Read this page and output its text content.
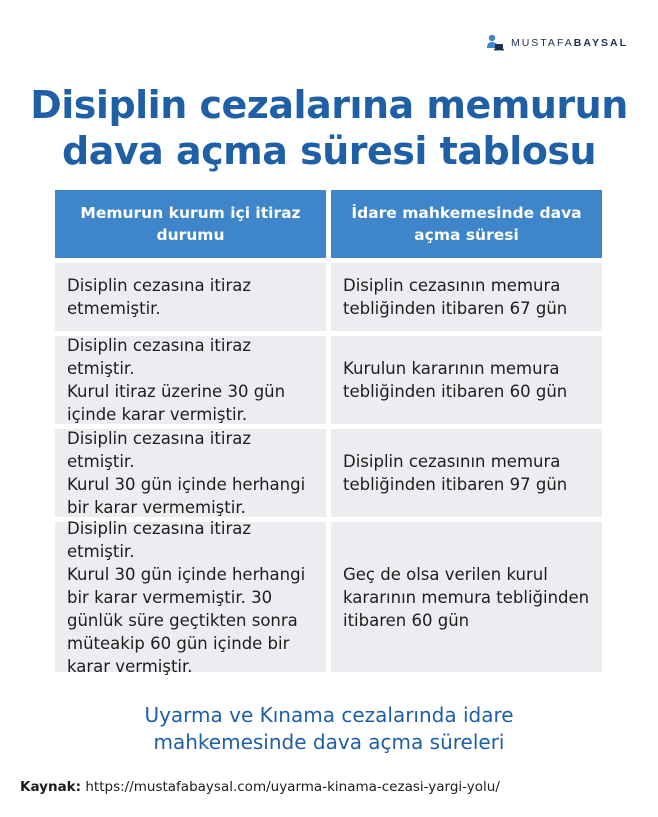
MUSTAFABAYSAL
Disiplin cezalarına memurun
dava açma süresi tablosu
Memurun kurum içi itiraz
durumu
İdare mahkemesinde dava
açma süresi
Disiplin cezasına itiraz
etmemiştir.
Disiplin cezasının memura
tebliğinden itibaren 67 gün
Disiplin cezasına itiraz etmiştir.
Kurul itiraz üzerine 30 gün
içinde karar vermiştir.
Kurulun kararının memura
tebliğinden itibaren 60 gün
Disiplin cezasına itiraz etmiştir.
Kurul 30 gün içinde herhangi
bir karar vermemiştir.
Disiplin cezasının memura
tebliğinden itibaren 97 gün
Disiplin cezasına itiraz etmiştir.
Kurul 30 gün içinde herhangi
bir karar vermemiştir. 30
günlük süre geçtikten sonra
müteakip 60 gün içinde bir
karar vermiştir.
Geç de olsa verilen kurul
kararının memura tebliğinden
itibaren 60 gün
Uyarma ve Kınama cezalarında idare
mahkemesinde dava açma süreleri
Kaynak: https://mustafabaysal.com/uyarma-kinama-cezasi-yargi-yolu/
